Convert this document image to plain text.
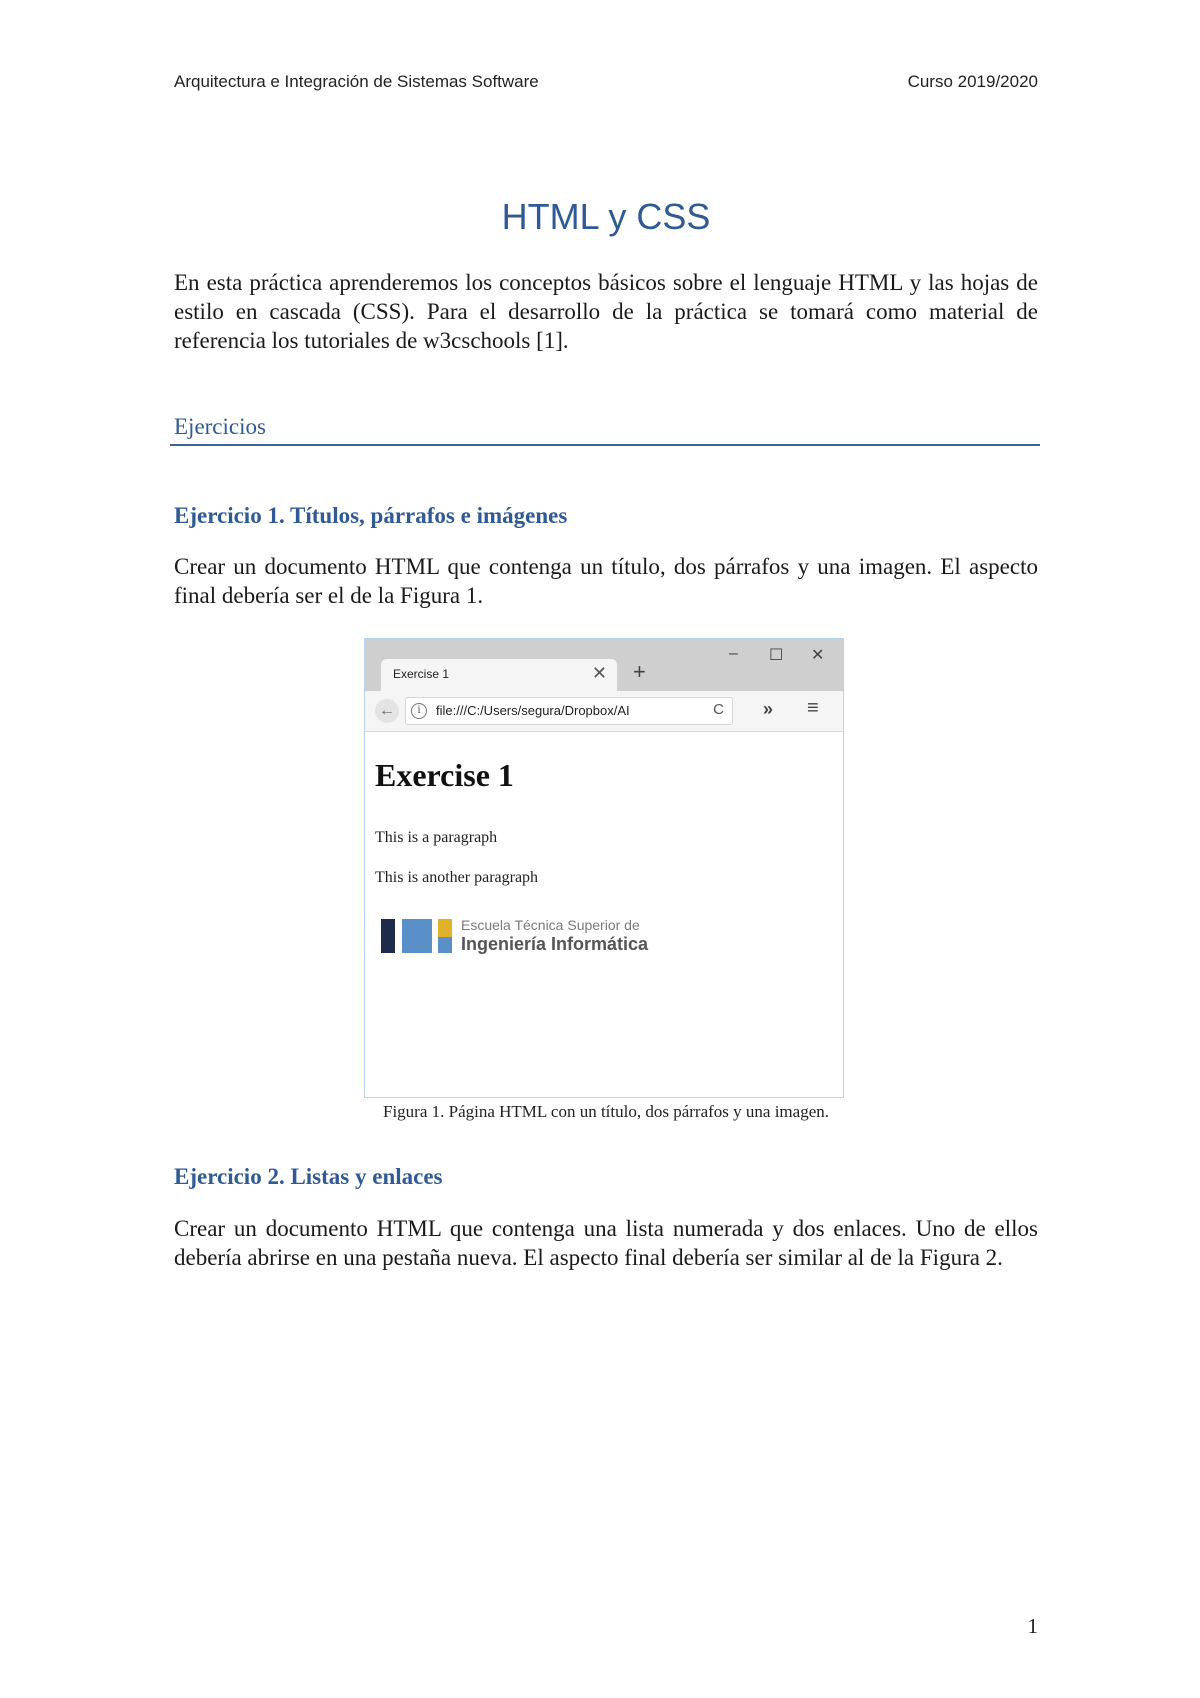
Arquitectura e Integración de Sistemas Software	Curso 2019/2020
HTML y CSS

En esta práctica aprenderemos los conceptos básicos sobre el lenguaje HTML y las hojas de estilo en cascada (CSS). Para el desarrollo de la práctica se tomará como material de referencia los tutoriales de w3cschools [1].

Ejercicios
Ejercicio 1. Títulos, párrafos e imágenes

Crear un documento HTML que contenga un título, dos párrafos y una imagen. El aspecto final debería ser el de la Figura 1.

Exercise 1	✕ +
– ☐ ✕
←	i	file:///C:/Users/segura/Dropbox/AI	C » ≡
Exercise 1

This is a paragraph

This is another paragraph

Escuela Técnica Superior de
Ingeniería Informática

Figura 1. Página HTML con un título, dos párrafos y una imagen.

Ejercicio 2. Listas y enlaces

Crear un documento HTML que contenga una lista numerada y dos enlaces. Uno de ellos debería abrirse en una pestaña nueva. El aspecto final debería ser similar al de la Figura 2.

1
